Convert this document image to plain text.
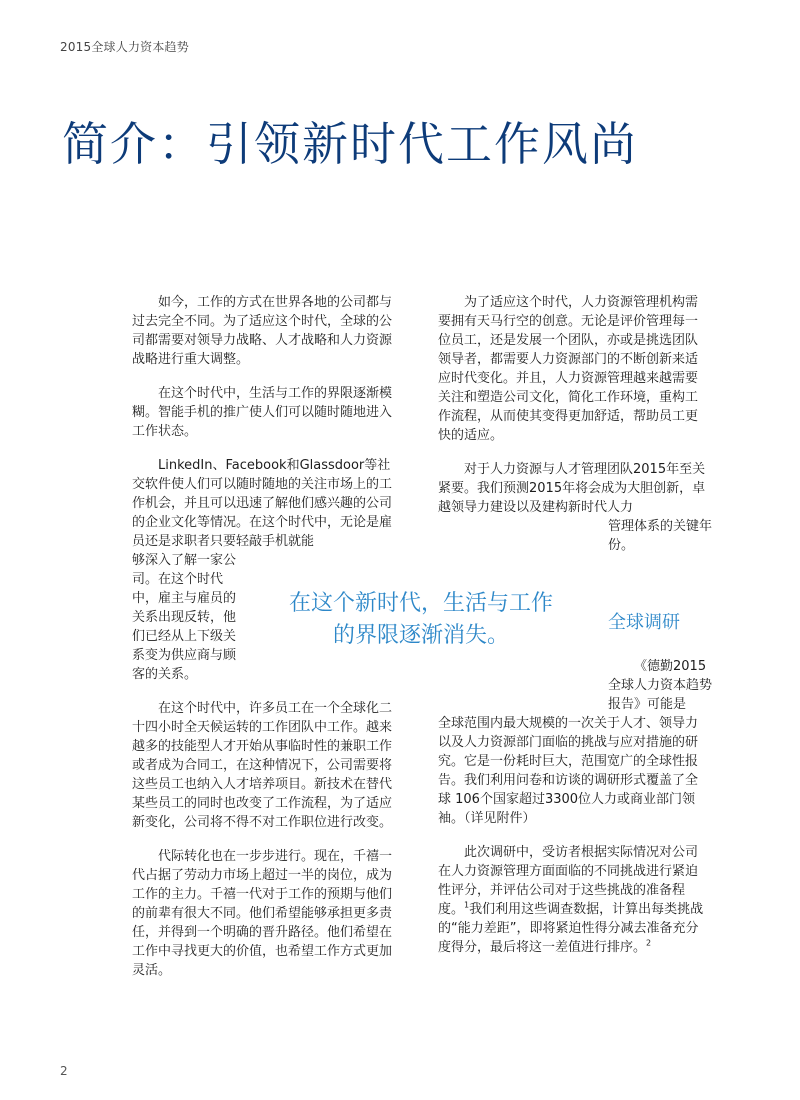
2015全球人力资本趋势
简介：引领新时代工作风尚

如今，工作的方式在世界各地的公司都与过去完全不同。为了适应这个时代，全球的公司都需要对领导力战略、人才战略和人力资源战略进行重大调整。

在这个时代中，生活与工作的界限逐渐模糊。智能手机的推广使人们可以随时随地进入工作状态。

LinkedIn、Facebook和Glassdoor等社交软件使人们可以随时随地的关注市场上的工作机会，并且可以迅速了解他们感兴趣的公司的企业文化等情况。在这个时代中，无论是雇员还是求职者只要轻敲手机就能

够深入了解一家公司。在这个时代中，雇主与雇员的关系出现反转，他们已经从上下级关系变为供应商与顾客的关系。

在这个时代中，许多员工在一个全球化二十四小时全天候运转的工作团队中工作。越来越多的技能型人才开始从事临时性的兼职工作或者成为合同工，在这种情况下，公司需要将这些员工也纳入人才培养项目。新技术在替代某些员工的同时也改变了工作流程，为了适应新变化，公司将不得不对工作职位进行改变。

代际转化也在一步步进行。现在，千禧一代占据了劳动力市场上超过一半的岗位，成为工作的主力。千禧一代对于工作的预期与他们的前辈有很大不同。他们希望能够承担更多责任，并得到一个明确的晋升路径。他们希望在工作中寻找更大的价值，也希望工作方式更加灵活。

为了适应这个时代，人力资源管理机构需要拥有天马行空的创意。无论是评价管理每一位员工，还是发展一个团队，亦或是挑选团队领导者，都需要人力资源部门的不断创新来适应时代变化。并且，人力资源管理越来越需要关注和塑造公司文化，简化工作环境，重构工作流程，从而使其变得更加舒适，帮助员工更快的适应。

对于人力资源与人才管理团队2015年至关紧要。我们预测2015年将会成为大胆创新，卓越领导力建设以及建构新时代人力

管理体系的关键年份。
在这个新时代，生活与工作
的界限逐渐消失。
全球调研
《德勤2015全球人力资本趋势报告》可能是

全球范围内最大规模的一次关于人才、领导力以及人力资源部门面临的挑战与应对措施的研究。它是一份耗时巨大，范围宽广的全球性报告。我们利用问卷和访谈的调研形式覆盖了全球 106个国家超过3300位人力或商业部门领袖。（详见附件）

此次调研中，受访者根据实际情况对公司在人力资源管理方面面临的不同挑战进行紧迫性评分，并评估公司对于这些挑战的准备程度。$^1$我们利用这些调查数据，计算出每类挑战的“能力差距”，即将紧迫性得分减去准备充分度得分，最后将这一差值进行排序。$^2$

2
